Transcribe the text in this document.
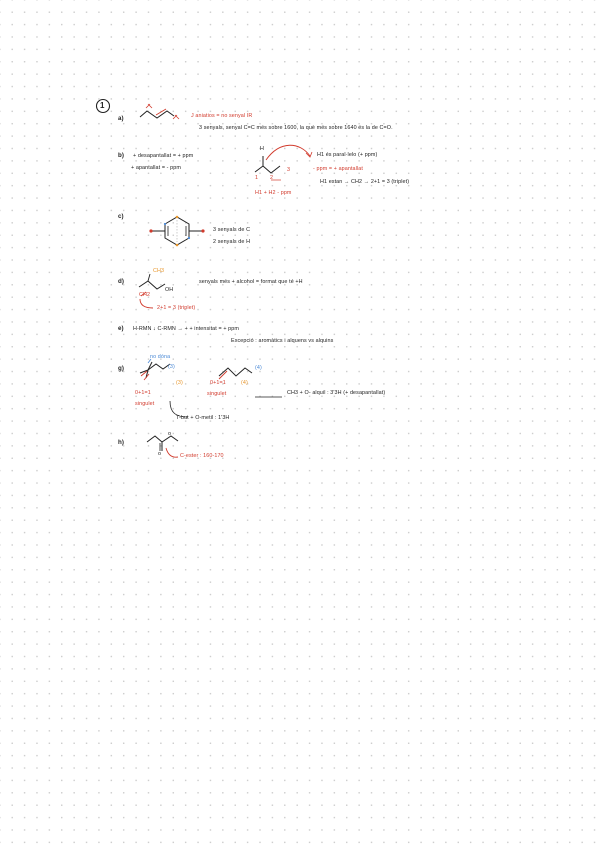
1
a)	J aniatios = no senyal IR
3 senyals, senyal C=C més sobre 1600, la què més sobre 1640 és la de C=O.
b) + desapantallat = + ppm
+ apantallat = - ppm
H
1 2
3
H1 és paral·lelo (+ ppm)
- ppm = + apantallat
H1 estan → CH2 → 2+1 = 3 (triplet)
H1 + H2 - ppm
c)
3 senyals de C
2 senyals de H
d)
CH3
OH
CH2
senyals més + alcohol = format que té +H
2+1 = 3 (triplet)
e) H-RMN ↓ C-RMN → + + intensitat = + ppm
Excepció : aromàtics i alquens vs alquins
g)
no dóna
(3)
(3)
(4)
(4)
0+1=1
singulet
0+1=1
singulet	CH3 + O- alquil : 3'3H (+ desapantallat)
T-but + O-metil : 1'3H
h)
o
o	C-ester : 160-170
